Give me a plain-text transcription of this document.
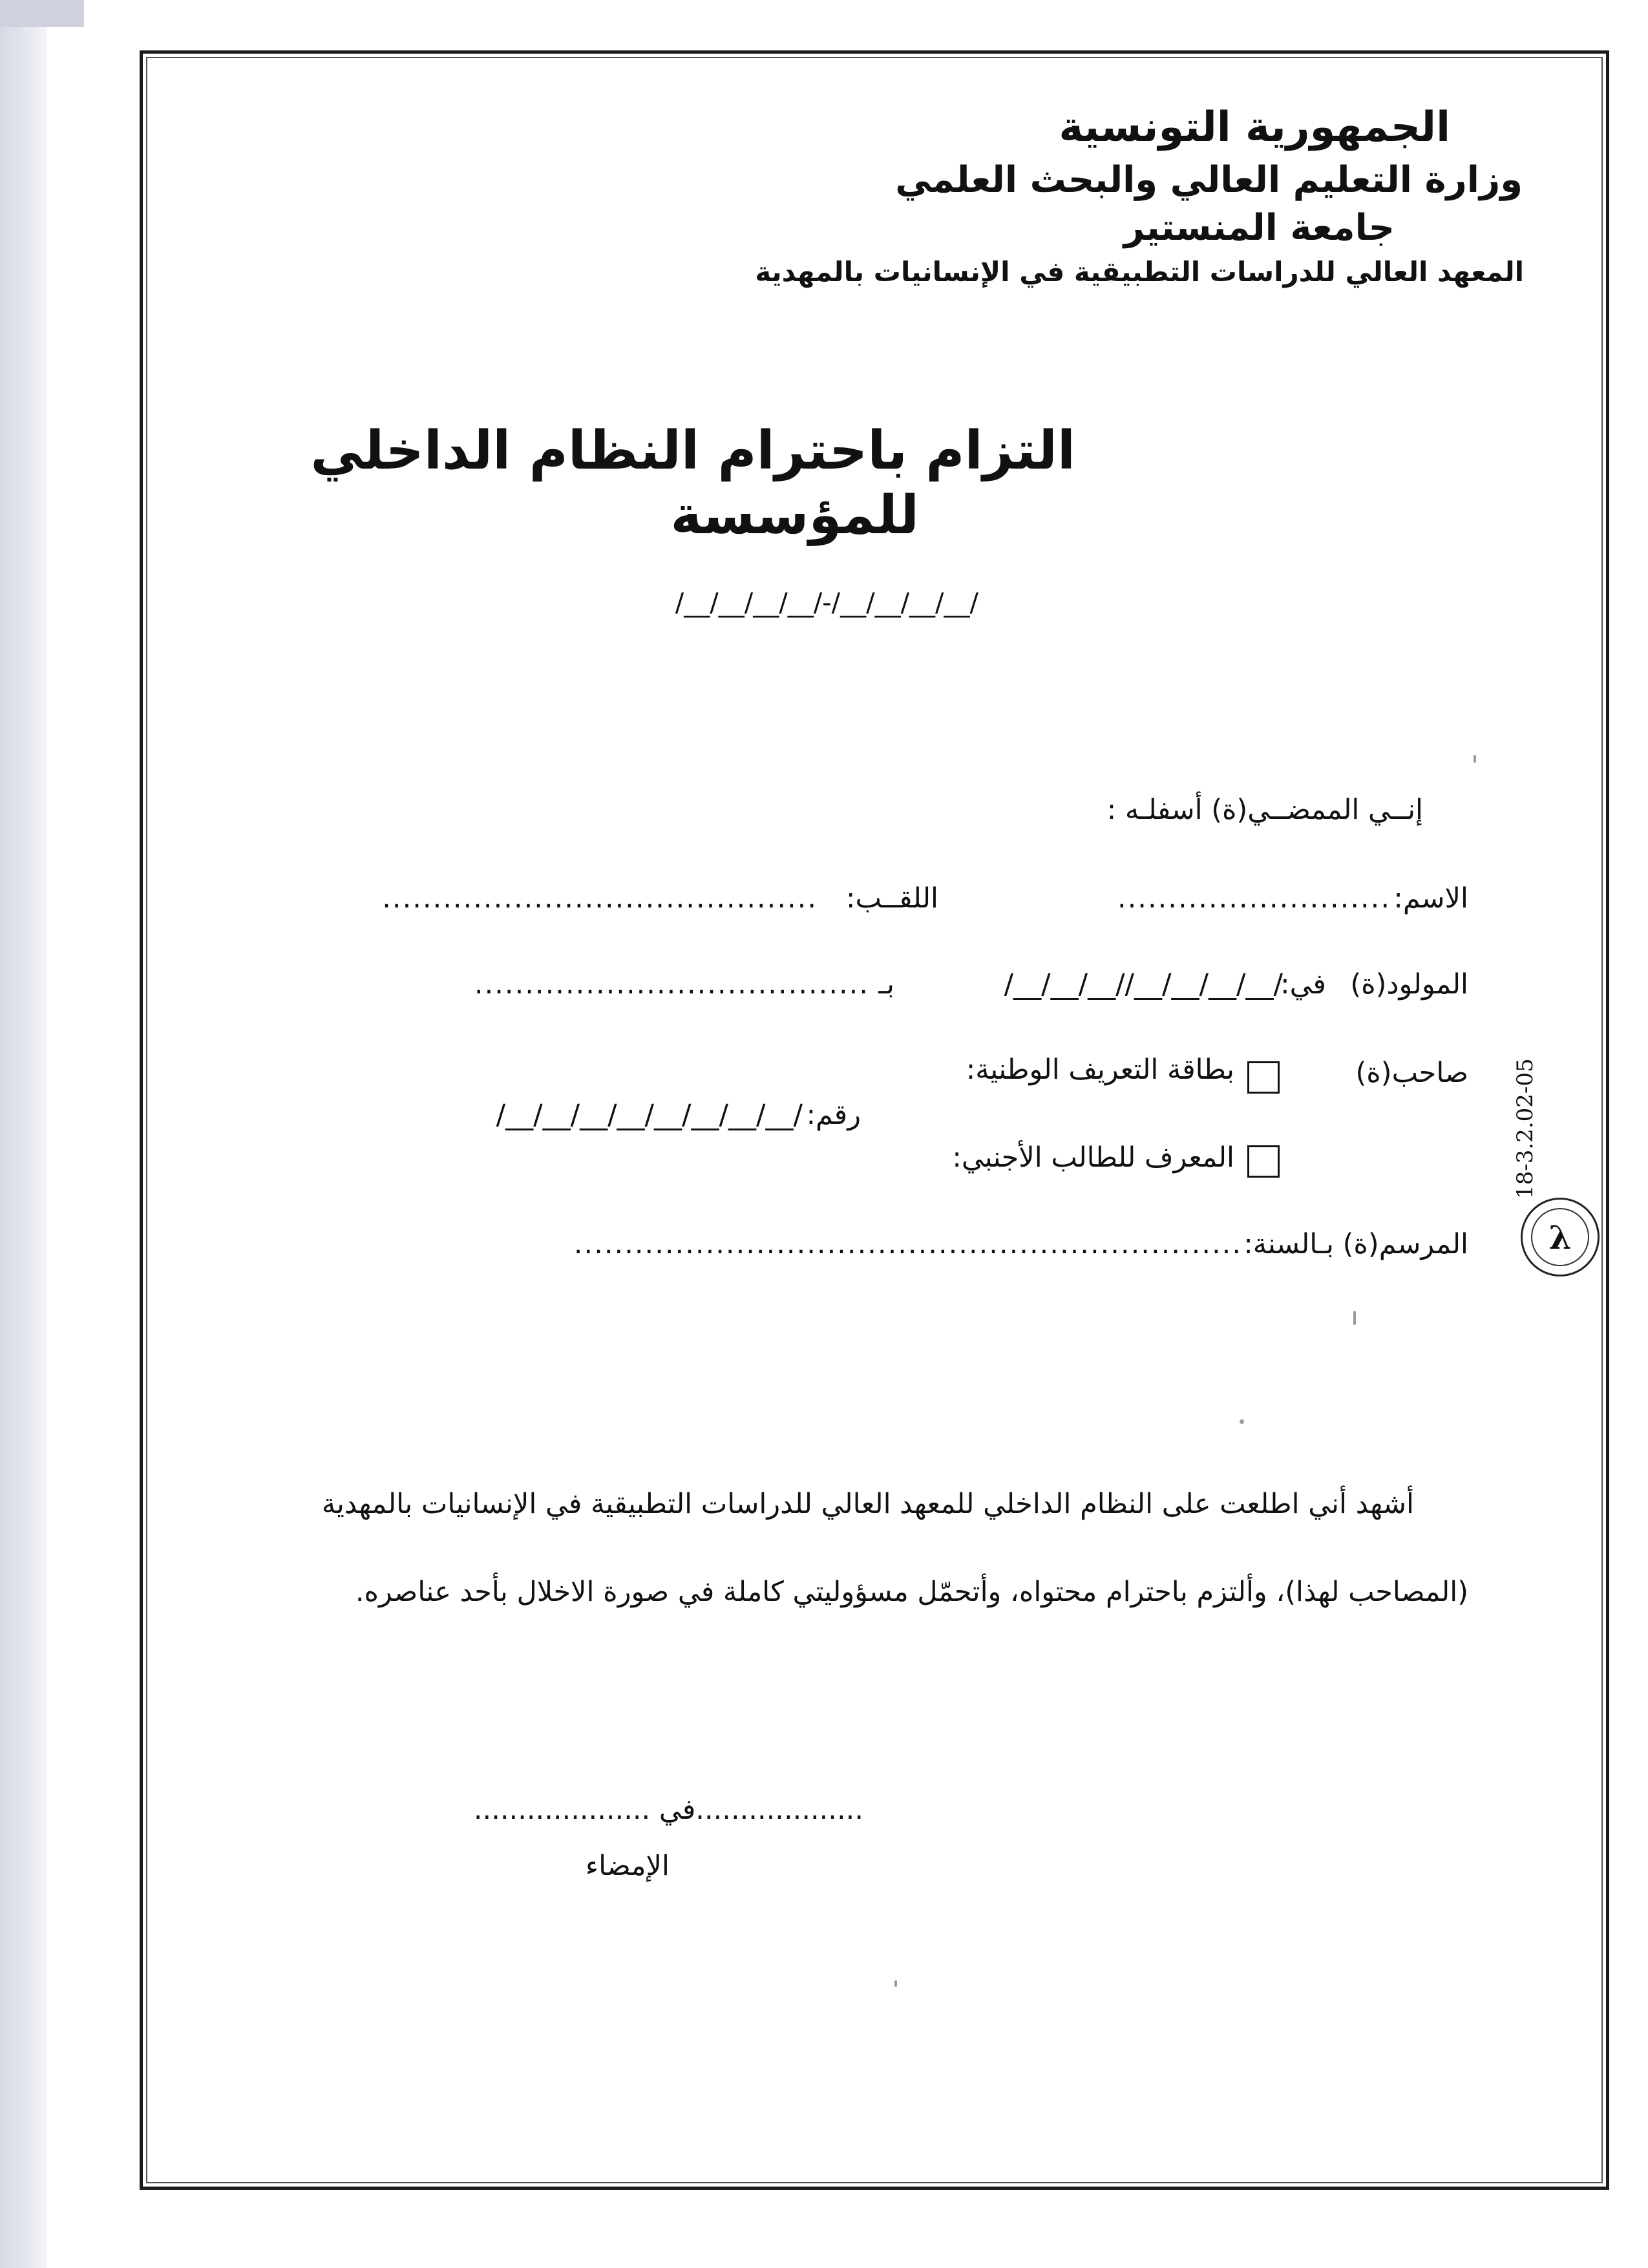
الجمهورية التونسية
وزارة التعليم العالي والبحث العلمي
جامعة المنستير
المعهد العالي للدراسات التطبيقية في الإنسانيات بالمهدية
التزام باحترام النظام الداخلي
للمؤسسة
/__/__/__/__/-/__/__/__/__/
إنــي الممضــي(ة) أسفلـه :
الاسم:
...........................
اللقــب:
...........................................
المولود(ة)
في:
/__/__/__//__/__/__/__/
بـ
.......................................
صاحب(ة)
بطاقة التعريف الوطنية:
رقم:
/__/__/__/__/__/__/__/__/
المعرف للطالب الأجنبي:
المرسم(ة) بـالسنة:
..................................................................
أشهد أني اطلعت على النظام الداخلي للمعهد العالي للدراسات التطبيقية في الإنسانيات بالمهدية
(المصاحب لهذا)، وألتزم باحترام محتواه، وأتحمّل مسؤوليتي كاملة في صورة الاخلال بأحد عناصره.
...................في ....................
الإمضاء
18-3.2.02-05
λ
